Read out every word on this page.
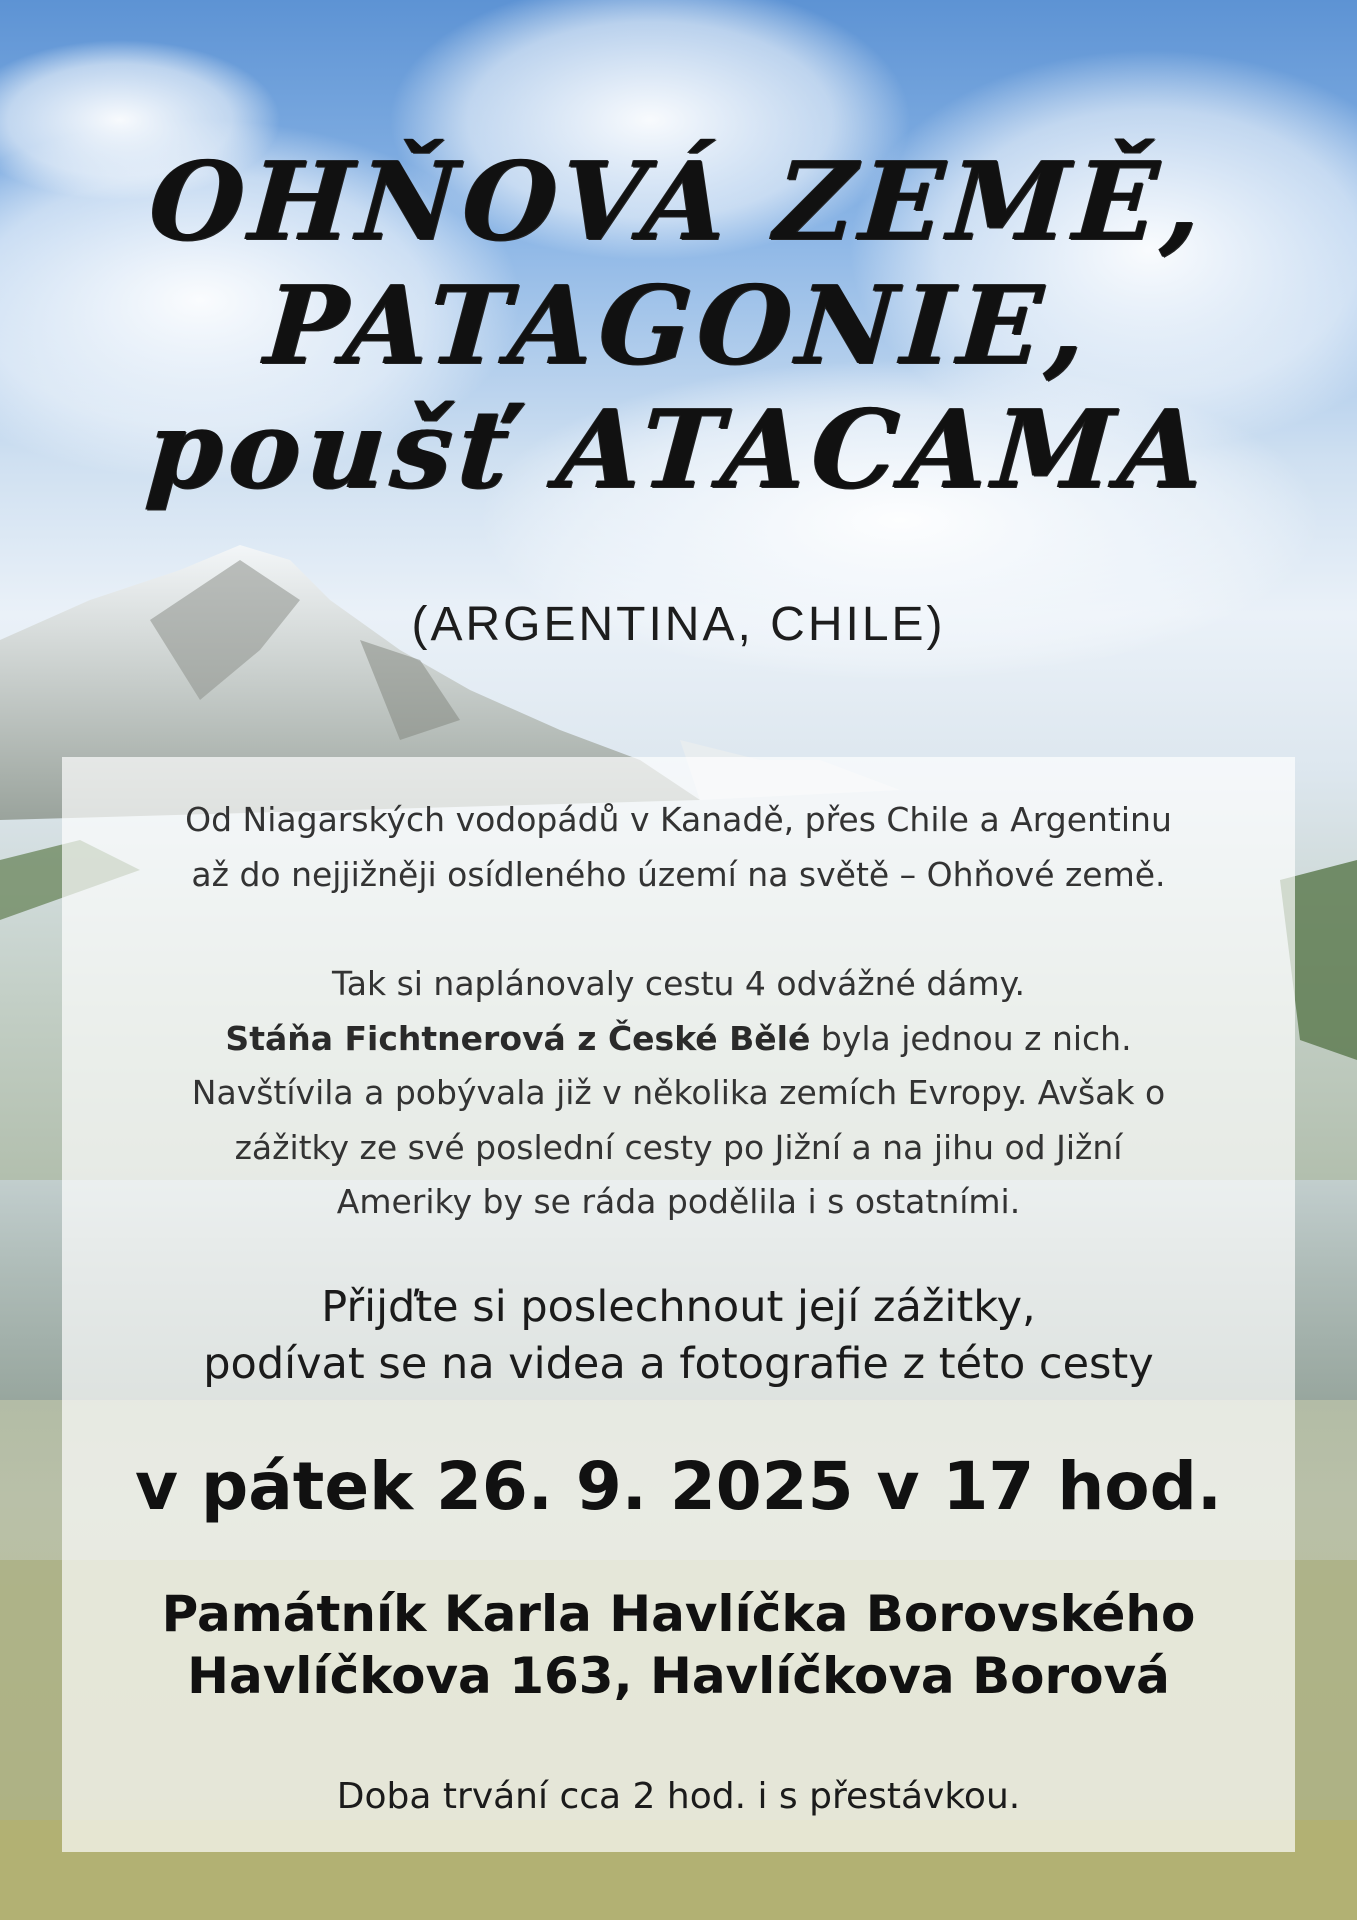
OHŇOVÁ ZEMĚ,
PATAGONIE,
poušť ATACAMA
(ARGENTINA, CHILE)

Od Niagarských vodopádů v Kanadě, přes Chile a Argentinu

až do nejjižněji osídleného území na světě – Ohňové země.

Tak si naplánovaly cestu 4 odvážné dámy.

Stáňa Fichtnerová z České Bělé byla jednou z nich.

Navštívila a pobývala již v několika zemích Evropy. Avšak o

zážitky ze své poslední cesty po Jižní a na jihu od Jižní

Ameriky by se ráda podělila i s ostatními.

Přijďte si poslechnout její zážitky,

podívat se na videa a fotografie z této cesty

v pátek 26. 9. 2025 v 17 hod.

Památník Karla Havlíčka Borovského

Havlíčkova 163, Havlíčkova Borová

Doba trvání cca 2 hod. i s přestávkou.
